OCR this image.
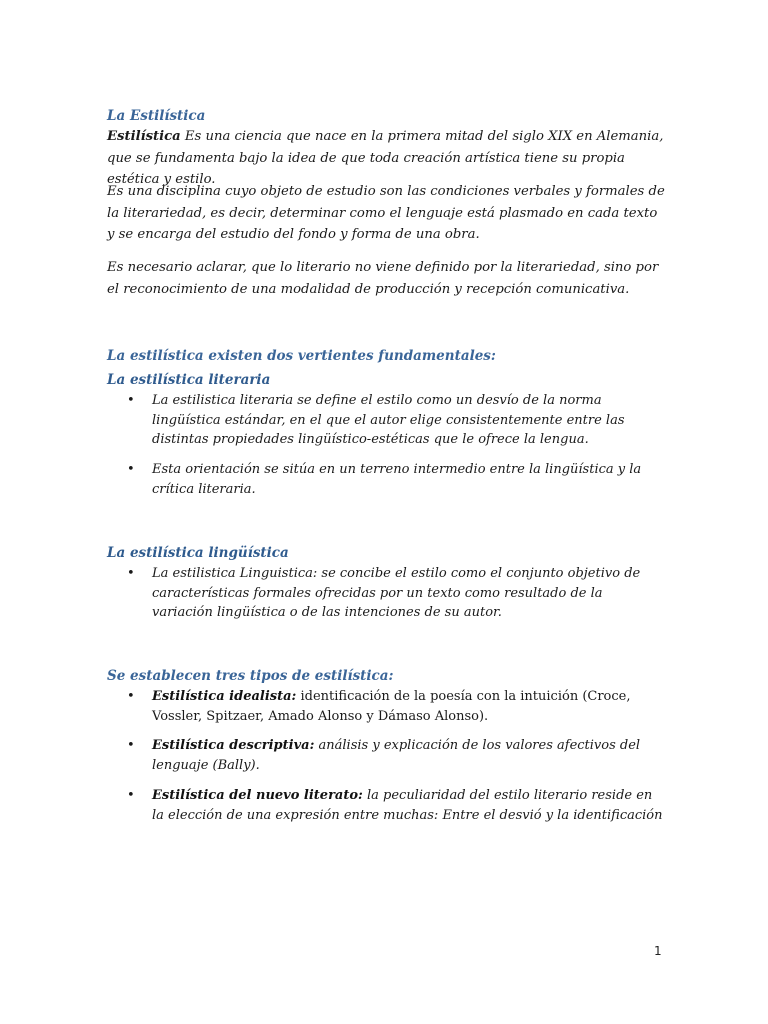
La Estilística

Estilística Es una ciencia que nace en la primera mitad del siglo XIX en Alemania, que se fundamenta bajo la idea de que toda creación artística tiene su propia estética y estilo.

Es una disciplina cuyo objeto de estudio son las condiciones verbales y formales de la literariedad, es decir, determinar como el lenguaje está plasmado en cada texto y se encarga del estudio del fondo y forma de una obra.

Es necesario aclarar, que lo literario no viene definido por la literariedad, sino por el reconocimiento de una modalidad de producción y recepción comunicativa.

La estilística existen dos vertientes fundamentales:
La estilística literaria
• La estilistica literaria se define el estilo como un desvío de la norma lingüística estándar, en el que el autor elige consistentemente entre las distintas propiedades lingüístico-estéticas que le ofrece la lengua.
• Esta orientación se sitúa en un terreno intermedio entre la lingüística y la crítica literaria.
La estilística lingüística
• La estilistica Linguistica: se concibe el estilo como el conjunto objetivo de características formales ofrecidas por un texto como resultado de la variación lingüística o de las intenciones de su autor.
Se establecen tres tipos de estilística:
• Estilística idealista: identificación de la poesía con la intuición (Croce, Vossler, Spitzaer, Amado Alonso y Dámaso Alonso).
• Estilística descriptiva: análisis y explicación de los valores afectivos del lenguaje (Bally).
• Estilística del nuevo literato: la peculiaridad del estilo literario reside en la elección de una expresión entre muchas: Entre el desvió y la identificación

1
